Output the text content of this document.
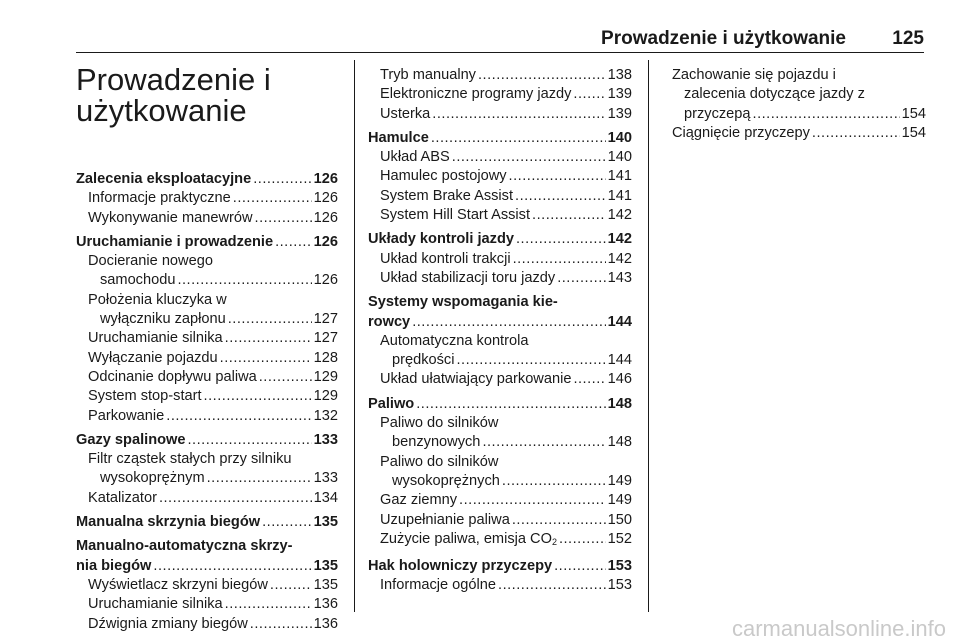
Prowadzenie i użytkowanie 125
Prowadzenie i
użytkowanie
Zalecenia eksploatacyjne .....	126
Informacje praktyczne .....	126
Wykonywanie manewrów .....	126
Uruchamianie i prowadzenie .....	126
Docieranie nowego
samochodu .....	126
Położenia kluczyka w
wyłączniku zapłonu .....	127
Uruchamianie silnika .....	127
Wyłączanie pojazdu .....	128
Odcinanie dopływu paliwa .....	129
System stop-start .....	129
Parkowanie .....	132
Gazy spalinowe .....	133
Filtr cząstek stałych przy silniku
wysokoprężnym .....	133
Katalizator .....	134
Manualna skrzynia biegów .....	135
Manualno-automatyczna skrzy-
nia biegów .....	135
Wyświetlacz skrzyni biegów .....	135
Uruchamianie silnika .....	136
Dźwignia zmiany biegów .....	136
Tryb manualny .....	138
Elektroniczne programy jazdy ..... 139
Usterka .....	139
Hamulce .....	140
Układ ABS .....	140
Hamulec postojowy .....	141
System Brake Assist .....	141
System Hill Start Assist .....	142
Układy kontroli jazdy .....	142
Układ kontroli trakcji .....	142
Układ stabilizacji toru jazdy .....	143
Systemy wspomagania kie-
rowcy .....	144
Automatyczna kontrola
prędkości .....	144
Układ ułatwiający parkowanie ..... 146
Paliwo .....	148
Paliwo do silników
benzynowych .....	148
Paliwo do silników
wysokoprężnych .....	149
Gaz ziemny .....	149
Uzupełnianie paliwa .....	150
Zużycie paliwa, emisja $CO_2$ .....	152
Hak holowniczy przyczepy .....	153
Informacje ogólne .....	153
Zachowanie się pojazdu i
zalecenia dotyczące jazdy z
przyczepą .....	154
Ciągnięcie przyczepy .....	154
carmanualsonline.info
